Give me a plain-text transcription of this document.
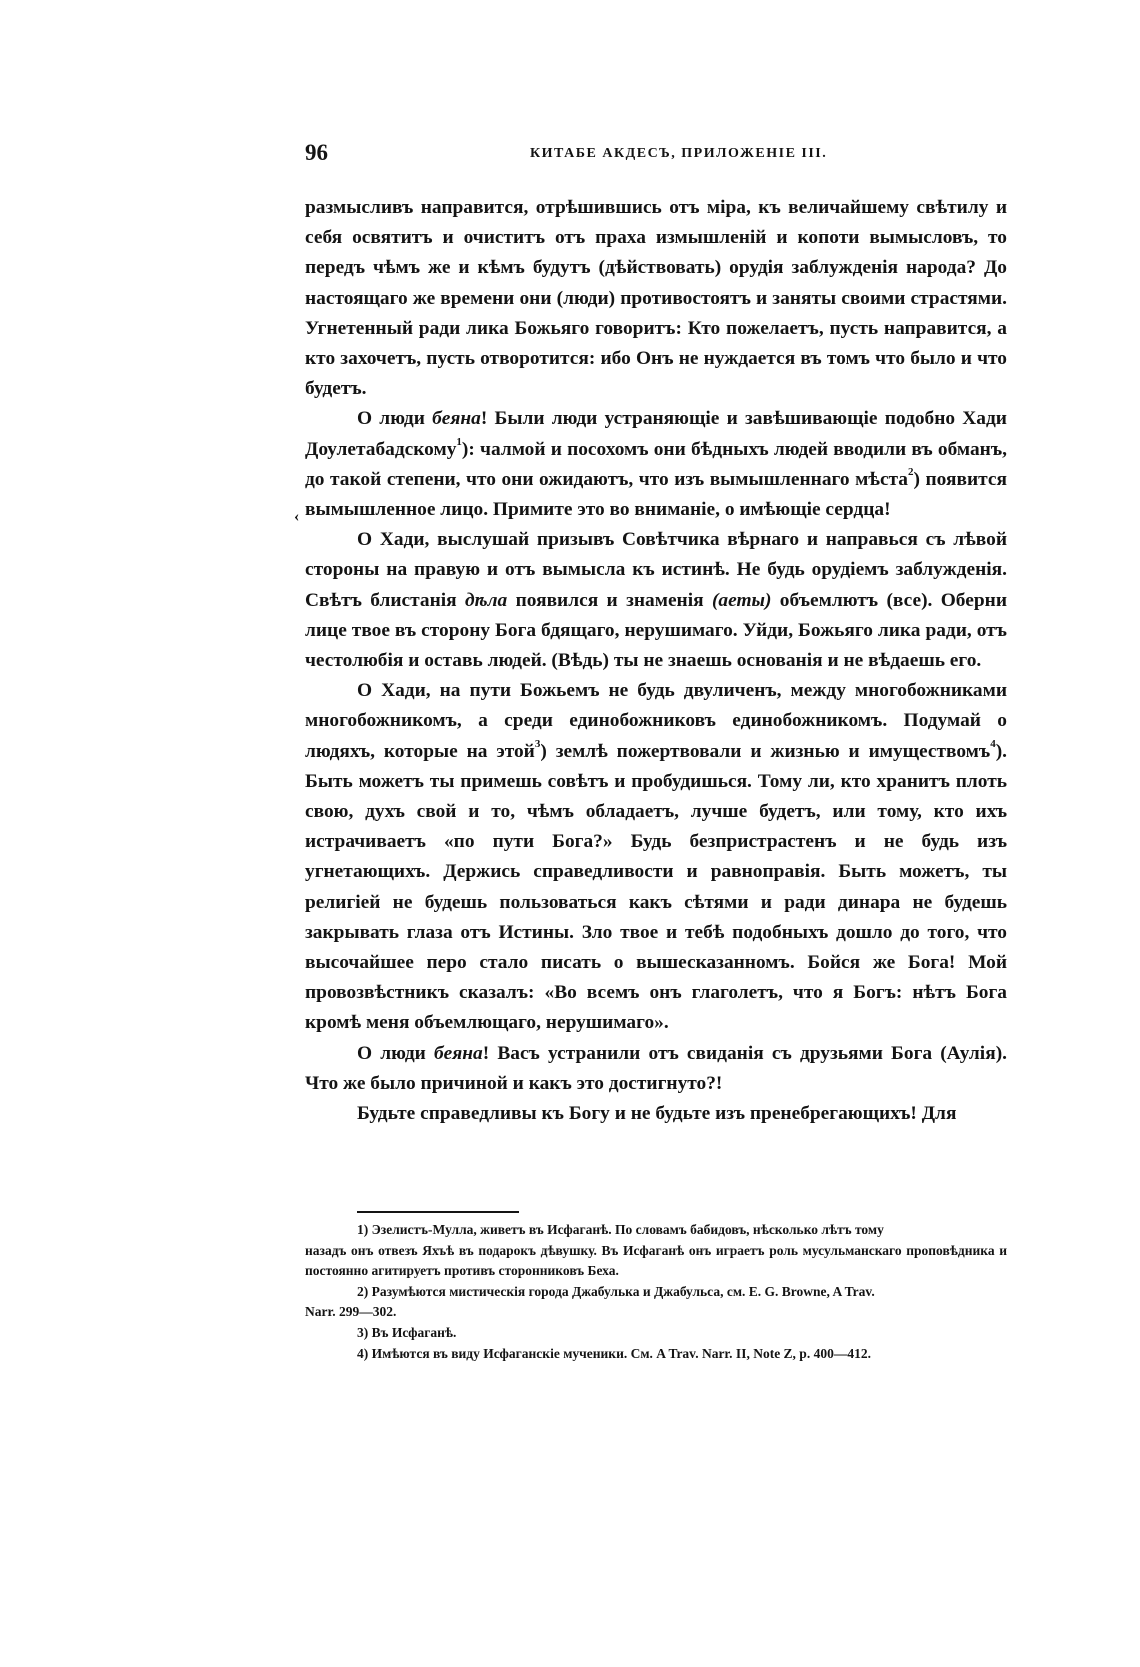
96	КИТАБЕ АКДЕСЪ, ПРИЛОЖЕНІЕ III.
‹

размысливъ направится, отрѣшившись отъ міра, къ величайшему свѣтилу и себя освятитъ и очиститъ отъ праха измышленій и копоти вымысловъ, то передъ чѣмъ же и кѣмъ будутъ (дѣйствовать) орудія заблужденія народа? До настоящаго же времени они (люди) противостоятъ и заняты своими страстями. Угнетенный ради лика Божьяго говоритъ: Кто пожелаетъ, пусть направится, а кто захочетъ, пусть отворотится: ибо Онъ не нуждается въ томъ что было и что будетъ.

О люди беяна! Были люди устраняющіе и завѣшивающіе подобно Хади Доулетабадскому$^1$): чалмой и посохомъ они бѣдныхъ людей вводили въ обманъ, до такой степени, что они ожидаютъ, что изъ вымышленнаго мѣста$^2$) появится вымышленное лицо. Примите это во вниманіе, о имѣющіе сердца!

О Хади, выслушай призывъ Совѣтчика вѣрнаго и направься съ лѣвой стороны на правую и отъ вымысла къ истинѣ. Не будь орудіемъ заблужденія. Свѣтъ блистанія дѣла появился и знаменія (аеты) объемлютъ (все). Оберни лице твое въ сторону Бога бдящаго, нерушимаго. Уйди, Божьяго лика ради, отъ честолюбія и оставь людей. (Вѣдь) ты не знаешь основанія и не вѣдаешь его.

О Хади, на пути Божьемъ не будь двуличенъ, между многобожниками многобожникомъ, а среди единобожниковъ единобожникомъ. Подумай о людяхъ, которые на этой$^3$) землѣ пожертвовали и жизнью и имуществомъ$^4$). Быть можетъ ты примешь совѣтъ и пробудишься. Тому ли, кто хранитъ плоть свою, духъ свой и то, чѣмъ обладаетъ, лучше будетъ, или тому, кто ихъ истрачиваетъ «по пути Бога?» Будь безпристрастенъ и не будь изъ угнетающихъ. Держись справедливости и равноправія. Быть можетъ, ты религіей не будешь пользоваться какъ сѣтями и ради динара не будешь закрывать глаза отъ Истины. Зло твое и тебѣ подобныхъ дошло до того, что высочайшее перо стало писать о вышесказанномъ. Бойся же Бога! Мой провозвѣстникъ сказалъ: «Во всемъ онъ глаголетъ, что я Богъ: нѣтъ Бога кромѣ меня объемлющаго, нерушимаго».

О люди беяна! Васъ устранили отъ свиданія съ друзьями Бога (Аулія). Что же было причиной и какъ это достигнуто?!

Будьте справедливы къ Богу и не будьте изъ пренебрегающихъ! Для

1) Эзелистъ-Мулла, живетъ въ Исфаганѣ. По словамъ бабидовъ, нѣсколько лѣтъ тому

назадъ онъ отвезъ Яхъѣ въ подарокъ дѣвушку. Въ Исфаганѣ онъ играетъ роль мусульманскаго проповѣдника и постоянно агитируетъ противъ сторонниковъ Беха.

2) Разумѣются мистическія города Джабулька и Джабульса, см. E. G. Browne, A Trav.

Narr. 299—302.

3) Въ Исфаганѣ.

4) Имѣются въ виду Исфаганскіе мученики. См. A Trav. Narr. II, Note Z, p. 400—412.
